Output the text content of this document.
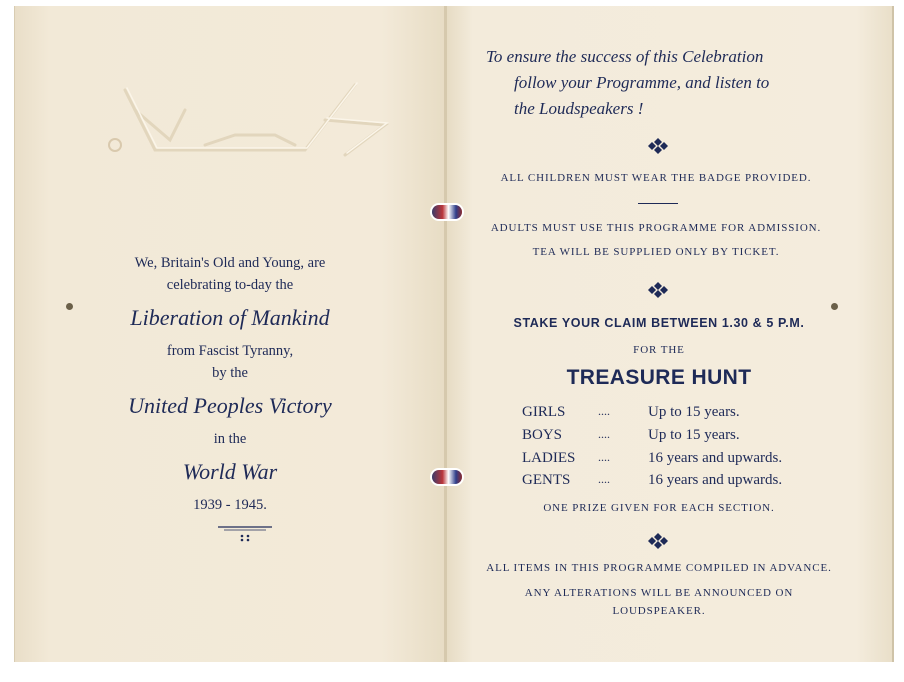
We, Britain's Old and Young, are
celebrating to-day the
Liberation of Mankind
from Fascist Tyranny,
by the
United Peoples Victory
in the
World War
1939 - 1945.
To ensure the success of this Celebration
follow your Programme, and listen to
the Loudspeakers !
ALL CHILDREN MUST WEAR THE BADGE PROVIDED.
ADULTS MUST USE THIS PROGRAMME FOR ADMISSION.
TEA WILL BE SUPPLIED ONLY BY TICKET.
STAKE YOUR CLAIM BETWEEN 1.30 & 5 P.M.
FOR THE
TREASURE HUNT
GIRLS	....	Up to 15 years.
BOYS	....	Up to 15 years.
LADIES ....	16 years and upwards.
GENTS ....	16 years and upwards.
ONE PRIZE GIVEN FOR EACH SECTION.
ALL ITEMS IN THIS PROGRAMME COMPILED IN ADVANCE.
ANY ALTERATIONS WILL BE ANNOUNCED ON
LOUDSPEAKER.
